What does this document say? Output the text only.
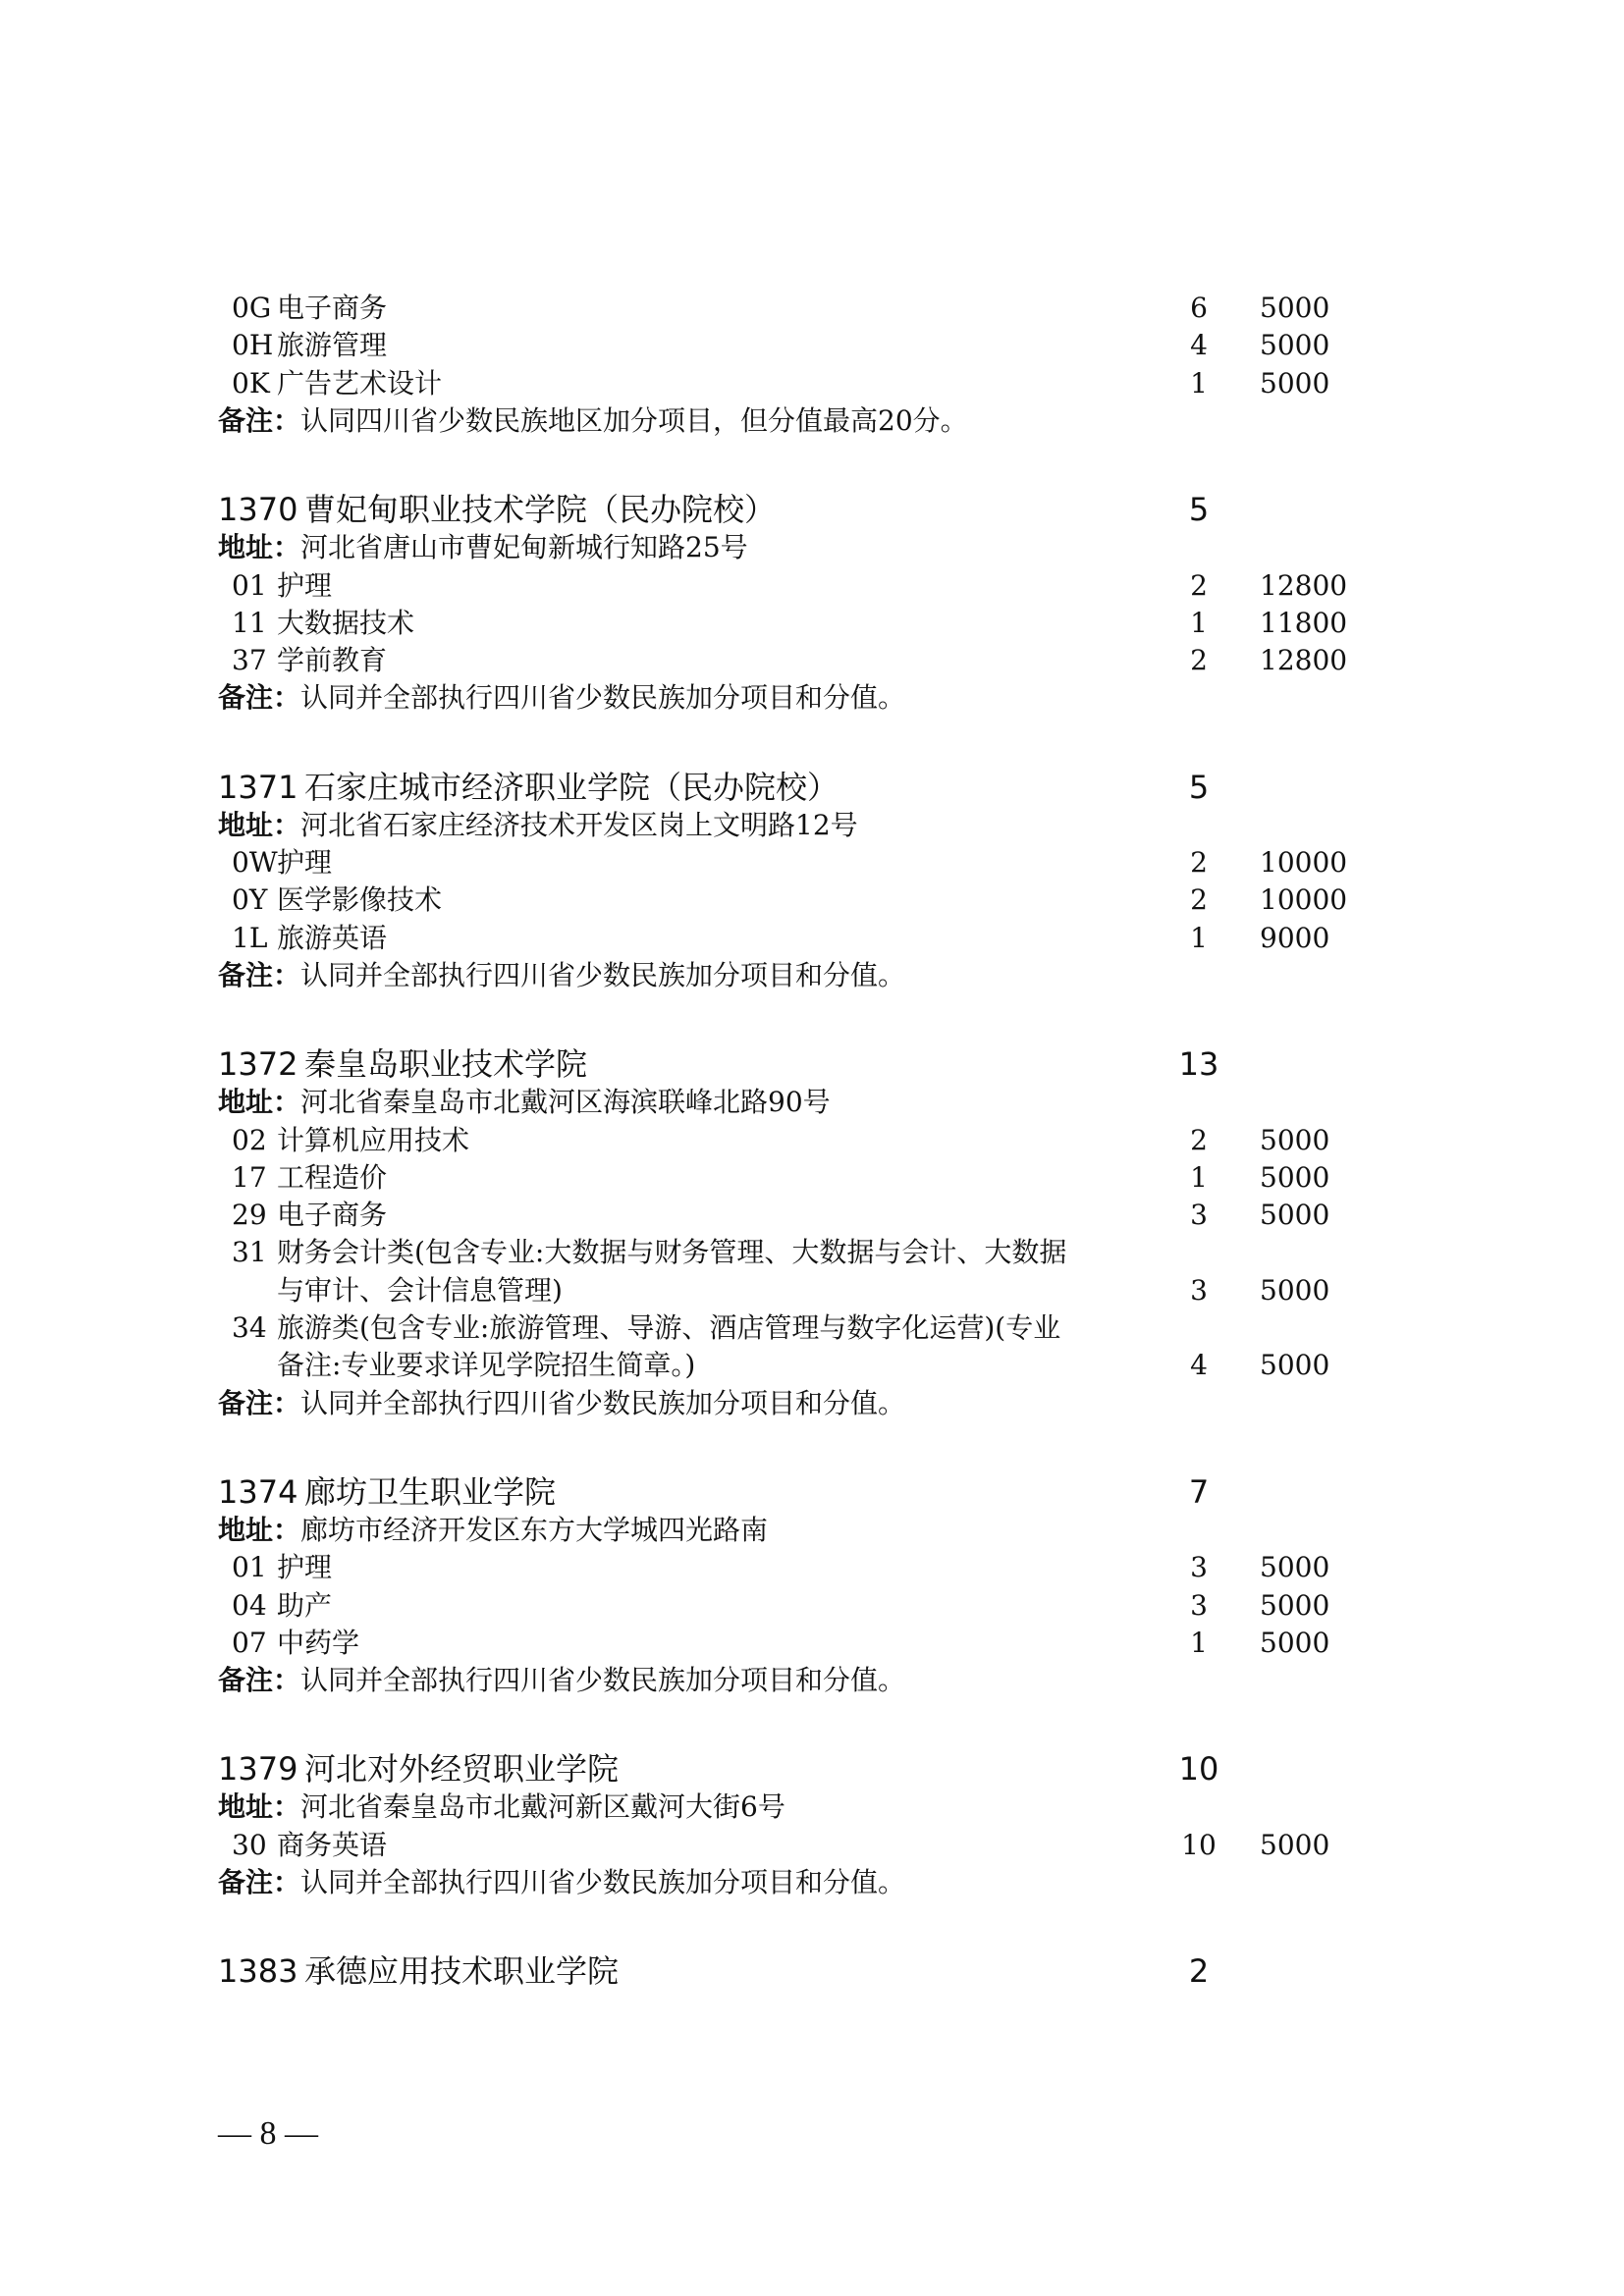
0G 电子商务	6 5000
0H 旅游管理	4 5000
0K 广告艺术设计	1 5000
备注： 认同四川省少数民族地区加分项目，但分值最高20分。
1370 曹妃甸职业技术学院（民办院校）	5
地址： 河北省唐山市曹妃甸新城行知路25号
01 护理	2 12800
11 大数据技术	1 11800
37 学前教育	2 12800
备注： 认同并全部执行四川省少数民族加分项目和分值。
1371 石家庄城市经济职业学院（民办院校）	5
地址： 河北省石家庄经济技术开发区岗上文明路12号
0W 护理	2 10000
0Y 医学影像技术	2 10000
1L 旅游英语	1 9000
备注： 认同并全部执行四川省少数民族加分项目和分值。
1372 秦皇岛职业技术学院	13
地址： 河北省秦皇岛市北戴河区海滨联峰北路90号
02 计算机应用技术	2 5000
17 工程造价	1 5000
29 电子商务	3 5000
31 财务会计类(包含专业:大数据与财务管理、大数据与会计、大数据
与审计、会计信息管理)	3 5000
34 旅游类(包含专业:旅游管理、导游、酒店管理与数字化运营)(专业
备注:专业要求详见学院招生简章。)	4 5000
备注： 认同并全部执行四川省少数民族加分项目和分值。
1374 廊坊卫生职业学院	7
地址： 廊坊市经济开发区东方大学城四光路南
01 护理	3 5000
04 助产	3 5000
07 中药学	1 5000
备注： 认同并全部执行四川省少数民族加分项目和分值。
1379 河北对外经贸职业学院	10
地址： 河北省秦皇岛市北戴河新区戴河大街6号
30 商务英语	10 5000
备注： 认同并全部执行四川省少数民族加分项目和分值。
1383 承德应用技术职业学院	2
— 8 —
